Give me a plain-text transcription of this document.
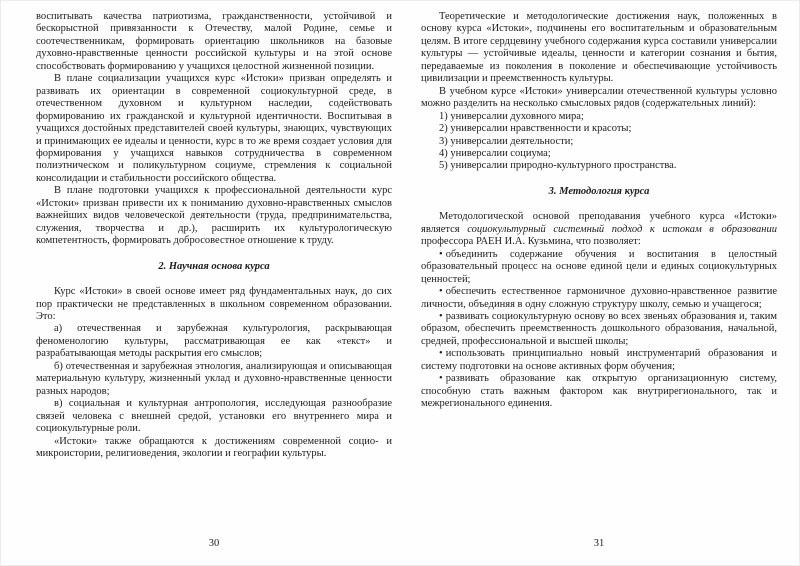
воспитывать качества патриотизма, гражданственности, устойчивой и бескорыстной привязанности к Отечеству, малой Родине, семье и соотечественникам, формировать ориентацию школьников на базовые духовно-нравственные ценности российской культуры и на этой основе способствовать формированию у учащихся целостной жизненной позиции.

В плане социализации учащихся курс «Истоки» призван определять и развивать их ориентации в современной социокультурной среде, в отечественном духовном и культурном наследии, содействовать формированию их гражданской и культурной идентичности. Воспитывая в учащихся достойных представителей своей культуры, знающих, чувствующих и принимающих ее идеалы и ценности, курс в то же время создает условия для формирования у учащихся навыков сотрудничества в современном полиэтническом и поликультурном социуме, стремления к социальной консолидации и стабильности российского общества.

В плане подготовки учащихся к профессиональной деятельности курс «Истоки» призван привести их к пониманию духовно-нравственных смыслов важнейших видов человеческой деятельности (труда, предпринимательства, служения, творчества и др.), расширить их культурологическую компетентность, формировать добросовестное отношение к труду.

2. Научная основа курса

Курс «Истоки» в своей основе имеет ряд фундаментальных наук, до сих пор практически не представленных в школьном современном образовании. Это:

а) отечественная и зарубежная культурология, раскрывающая феноменологию культуры, рассматривающая ее как «текст» и разрабатывающая методы раскрытия его смыслов;

б) отечественная и зарубежная этнология, анализирующая и описывающая материальную культуру, жизненный уклад и духовно-нравственные ценности разных народов;

в) социальная и культурная антропология, исследующая разнообразие связей человека с внешней средой, установки его внутреннего мира и социокультурные роли.

«Истоки» также обращаются к достижениям современной социо- и микроистории, религиоведения, экологии и географии культуры.

30

Теоретические и методологические достижения наук, положенных в основу курса «Истоки», подчинены его воспитательным и образовательным целям. В итоге сердцевину учебного содержания курса составили универсалии культуры — устойчивые идеалы, ценности и категории сознания и бытия, передаваемые из поколения в поколение и обеспечивающие устойчивость цивилизации и преемственность культуры.

В учебном курсе «Истоки» универсалии отечественной культуры условно можно разделить на несколько смысловых рядов (содержательных линий):

1) универсалии духовного мира;

2) универсалии нравственности и красоты;

3) универсалии деятельности;

4) универсалии социума;

5) универсалии природно-культурного пространства.

3. Методология курса

Методологической основой преподавания учебного курса «Истоки» является социокультурный системный подход к истокам в образовании профессора РАЕН И.А. Кузьмина, что позволяет:

• объединить содержание обучения и воспитания в целостный образовательный процесс на основе единой цели и единых социокультурных ценностей;

• обеспечить естественное гармоничное духовно-нравственное развитие личности, объединяя в одну сложную структуру школу, семью и учащегося;

• развивать социокультурную основу во всех звеньях образования и, таким образом, обеспечить преемственность дошкольного образования, начальной, средней, профессиональной и высшей школы;

• использовать принципиально новый инструментарий образования и систему подготовки на основе активных форм обучения;

• развивать образование как открытую организационную систему, способную стать важным фактором как внутрирегионального, так и межрегионального единения.

31
